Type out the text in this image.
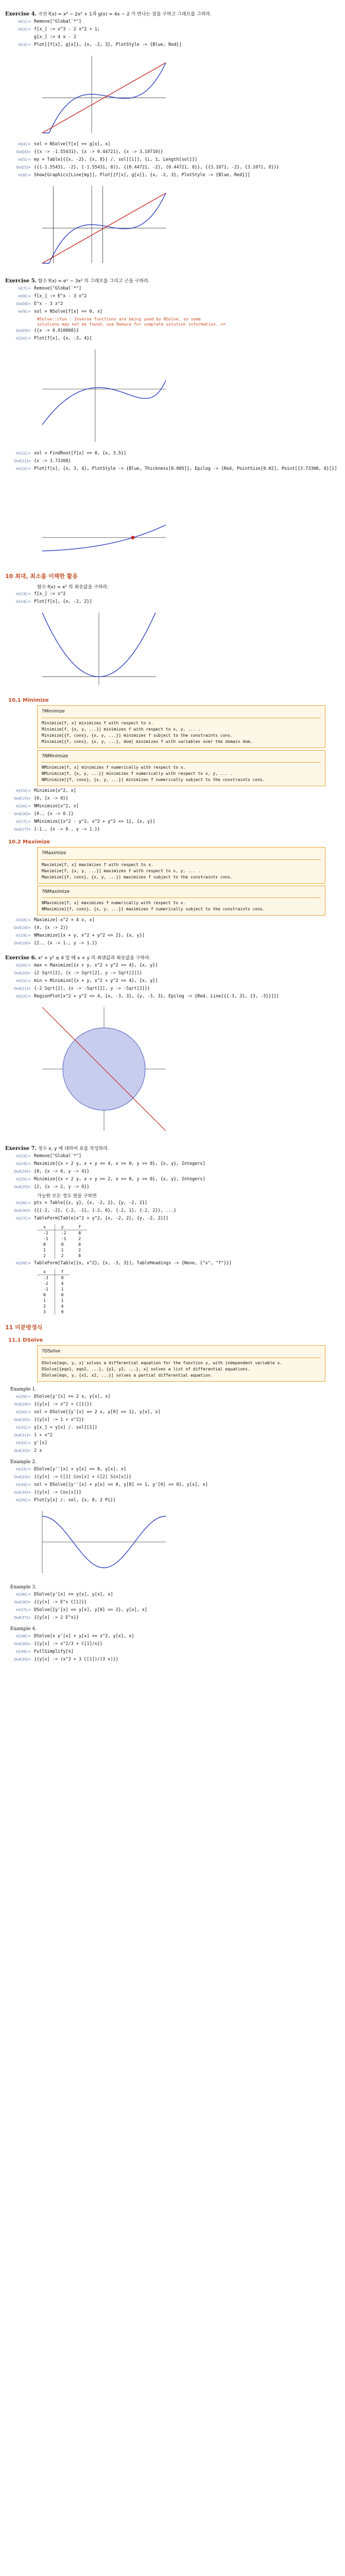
Exercise 4. 곡선 f(x) = x³ − 2x² + 1과 g(x) = 4x − 2 가 만나는 점을 구하고 그래프를 그려라.
In[1]:= Remove["Global`*"]
In[2]:= f[x_] := x^3 - 2 x^2 + 1;
g[x_] := 4 x - 2
In[3]:= Plot[{f[x], g[x]}, {x, -2, 3}, PlotStyle -> {Blue, Red}]
In[4]:= sol = NSolve[f[x] == g[x], x]
Out[4]= {{x -> -1.55431}, {x -> 0.44721}, {x -> 3.10710}}
In[5]:= my = Table[{{x, -2}, {x, 8}} /. sol[[i]], {i, 1, Length[sol]}]
Out[5]= {{{-1.55431, -2}, {-1.55431, 8}}, {{0.44721, -2}, {0.44721, 8}}, {{3.1071, -2}, {3.1071, 8}}}
In[6]:= Show[Graphics[Line[my]], Plot[{f[x], g[x]}, {x, -2, 3}, PlotStyle -> {Blue, Red}]]
Exercise 5. 함수 f(x) = eˣ − 3x² 의 그래프를 그리고 근을 구하라.
In[7]:= Remove["Global`*"]
In[8]:= f[x_] := E^x - 3 x^2
Out[8]= E^x - 3 x^2
In[9]:= sol = NSolve[f[x] == 0, x]
NSolve::ifun : Inverse functions are being used by NSolve, so some
solutions may not be found; use Reduce for complete solution information. >>
Out[9]= {{x -> 0.910008}}
In[10]:= Plot[f[x], {x, -3, 4}]
In[11]:= sol = FindRoot[f[x] == 0, {x, 3.5}]
Out[11]= {x -> 3.73308}
In[12]:= Plot[f[x], {x, 3, 4}, PlotStyle -> {Blue, Thickness[0.005]}, Epilog -> {Red, PointSize[0.02], Point[{3.73308, 0}]}]
10 최대, 최소를 이해한 활용
함수 f(x) = x² 의 최솟값을 구하라.
In[13]:= f[x_] := x^2
In[14]:= Plot[f[x], {x, -2, 2}]
10.1 Minimize
?Minimize
Minimize[f, x] minimizes f with respect to x.
Minimize[f, {x, y, ...}] minimizes f with respect to x, y, ... .
Minimize[{f, cons}, {x, y, ...}] minimizes f subject to the constraints cons.
Minimize[{f, cons}, {x, y, ...}, dom] minimizes f with variables over the domain dom.
?NMinimize
NMinimize[f, x] minimizes f numerically with respect to x.
NMinimize[f, {x, y, ...}] minimizes f numerically with respect to x, y, ... .
NMinimize[{f, cons}, {x, y, ...}] minimizes f numerically subject to the constraints cons.
In[15]:= Minimize[x^2, x]
Out[15]= {0, {x -> 0}}
In[16]:= NMinimize[x^2, x]
Out[16]= {0., {x -> 0.}}
In[17]:= NMinimize[{x^2 - y^2, x^2 + y^2 <= 1}, {x, y}]
Out[17]= {-1., {x -> 0., y -> 1.}}
10.2 Maximize
?Maximize
Maximize[f, x] maximizes f with respect to x.
Maximize[f, {x, y, ...}] maximizes f with respect to x, y, ... .
Maximize[{f, cons}, {x, y, ...}] maximizes f subject to the constraints cons.
?NMaximize
NMaximize[f, x] maximizes f numerically with respect to x.
NMaximize[{f, cons}, {x, y, ...}] maximizes f numerically subject to the constraints cons.
In[18]:= Maximize[-x^2 + 4 x, x]
Out[18]= {4, {x -> 2}}
In[19]:= NMaximize[{x + y, x^2 + y^2 <= 2}, {x, y}]
Out[19]= {2., {x -> 1., y -> 1.}}
Exercise 6. x² + y² ≤ 4 일 때 x + y 의 최댓값과 최솟값을 구하라.
In[20]:= max = Maximize[{x + y, x^2 + y^2 <= 4}, {x, y}]
Out[20]= {2 Sqrt[2], {x -> Sqrt[2], y -> Sqrt[2]}}
In[21]:= min = Minimize[{x + y, x^2 + y^2 <= 4}, {x, y}]
Out[21]= {-2 Sqrt[2], {x -> -Sqrt[2], y -> -Sqrt[2]}}
In[22]:= RegionPlot[x^2 + y^2 <= 4, {x, -3, 3}, {y, -3, 3}, Epilog -> {Red, Line[{{-3, 3}, {3, -3}}]}]
Exercise 7. 정수 x, y 에 대하여 표를 작성하라.
In[23]:= Remove["Global`*"]
In[24]:= Maximize[{x + 2 y, x + y <= 4, x >= 0, y >= 0}, {x, y}, Integers]
Out[24]= {8, {x -> 0, y -> 4}}
In[25]:= Minimize[{x + 2 y, x + y >= 2, x >= 0, y >= 0}, {x, y}, Integers]
Out[25]= {2, {x -> 2, y -> 0}}
가능한 모든 정수 쌍을 구하면
In[26]:= pts = Table[{x, y}, {x, -2, 2}, {y, -2, 2}]
Out[26]= {{{-2, -2}, {-2, -1}, {-2, 0}, {-2, 1}, {-2, 2}}, ...}
In[27]:= TableForm[Table[x^2 + y^2, {x, -2, 2}, {y, -2, 2}]]
x	y	f
-2	-2	8
-1	-1	2
0	0	0
1	1	2
2	2	8
In[28]:= TableForm[Table[{x, x^2}, {x, -3, 3}], TableHeadings -> {None, {"x", "f"}}]
x	f
-3	9
-2	4
-1	1
0	0
1	1
2	4
3	9
11 미분방정식
11.1 DSolve
?DSolve
DSolve[eqn, y, x] solves a differential equation for the function y, with independent variable x.
DSolve[{eqn1, eqn2, ...}, {y1, y2, ...}, x] solves a list of differential equations.
DSolve[eqn, y, {x1, x2, ...}] solves a partial differential equation.
Example 1.
In[29]:= DSolve[y'[x] == 2 x, y[x], x]
Out[29]= {{y[x] -> x^2 + C[1]}}
In[30]:= sol = DSolve[{y'[x] == 2 x, y[0] == 1}, y[x], x]
Out[30]= {{y[x] -> 1 + x^2}}
In[31]:= y[x_] = y[x] /. sol[[1]]
Out[31]= 1 + x^2
In[32]:= y'[x]
Out[32]= 2 x
Example 2.
In[33]:= DSolve[y''[x] + y[x] == 0, y[x], x]
Out[33]= {{y[x] -> C[1] Cos[x] + C[2] Sin[x]}}
In[34]:= sol = DSolve[{y''[x] + y[x] == 0, y[0] == 1, y'[0] == 0}, y[x], x]
Out[34]= {{y[x] -> Cos[x]}}
In[35]:= Plot[y[x] /. sol, {x, 0, 2 Pi}]
Example 3.
In[36]:= DSolve[y'[x] == y[x], y[x], x]
Out[36]= {{y[x] -> E^x C[1]}}
In[37]:= DSolve[{y'[x] == y[x], y[0] == 2}, y[x], x]
Out[37]= {{y[x] -> 2 E^x}}
Example 4.
In[38]:= DSolve[x y'[x] + y[x] == x^2, y[x], x]
Out[38]= {{y[x] -> x^2/3 + C[1]/x}}
In[39]:= FullSimplify[%]
Out[39]= {{y[x] -> (x^3 + 3 C[1])/(3 x)}}
